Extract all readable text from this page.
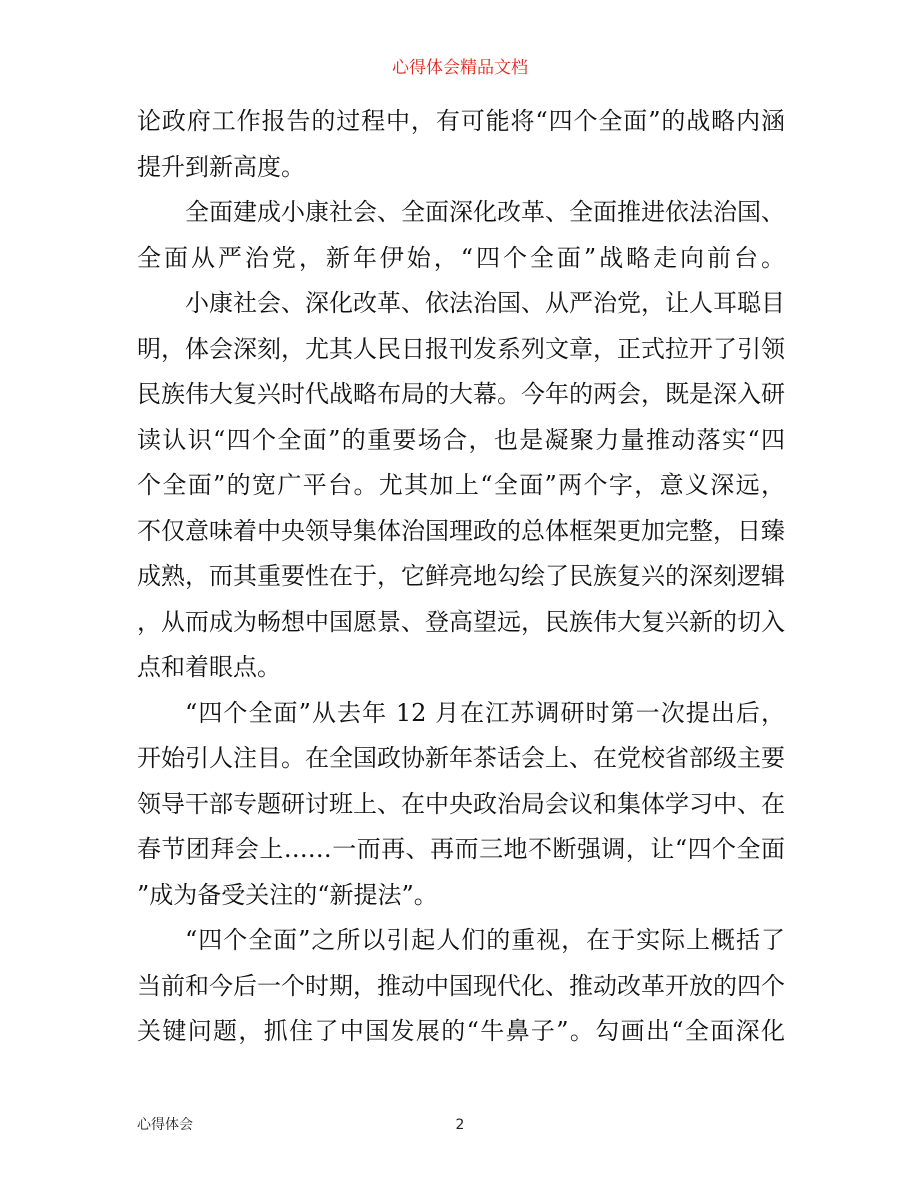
心得体会精品文档
论政府工作报告的过程中，有可能将“四个全面”的战略内涵
提升到新高度。
全面建成小康社会、全面深化改革、全面推进依法治国、
全面从严治党，新年伊始，“四个全面”战略走向前台。
小康社会、深化改革、依法治国、从严治党，让人耳聪目
明，体会深刻，尤其人民日报刊发系列文章，正式拉开了引领
民族伟大复兴时代战略布局的大幕。今年的两会，既是深入研
读认识“四个全面”的重要场合，也是凝聚力量推动落实“四
个全面”的宽广平台。尤其加上“全面”两个字，意义深远，
不仅意味着中央领导集体治国理政的总体框架更加完整，日臻
成熟，而其重要性在于，它鲜亮地勾绘了民族复兴的深刻逻辑
，从而成为畅想中国愿景、登高望远，民族伟大复兴新的切入
点和着眼点。
“四个全面”从去年 12 月在江苏调研时第一次提出后，
开始引人注目。在全国政协新年茶话会上、在党校省部级主要
领导干部专题研讨班上、在中央政治局会议和集体学习中、在
春节团拜会上……一而再、再而三地不断强调，让“四个全面
”成为备受关注的“新提法”。
“四个全面”之所以引起人们的重视，在于实际上概括了
当前和今后一个时期，推动中国现代化、推动改革开放的四个
关键问题，抓住了中国发展的“牛鼻子”。勾画出“全面深化
心得体会	2
